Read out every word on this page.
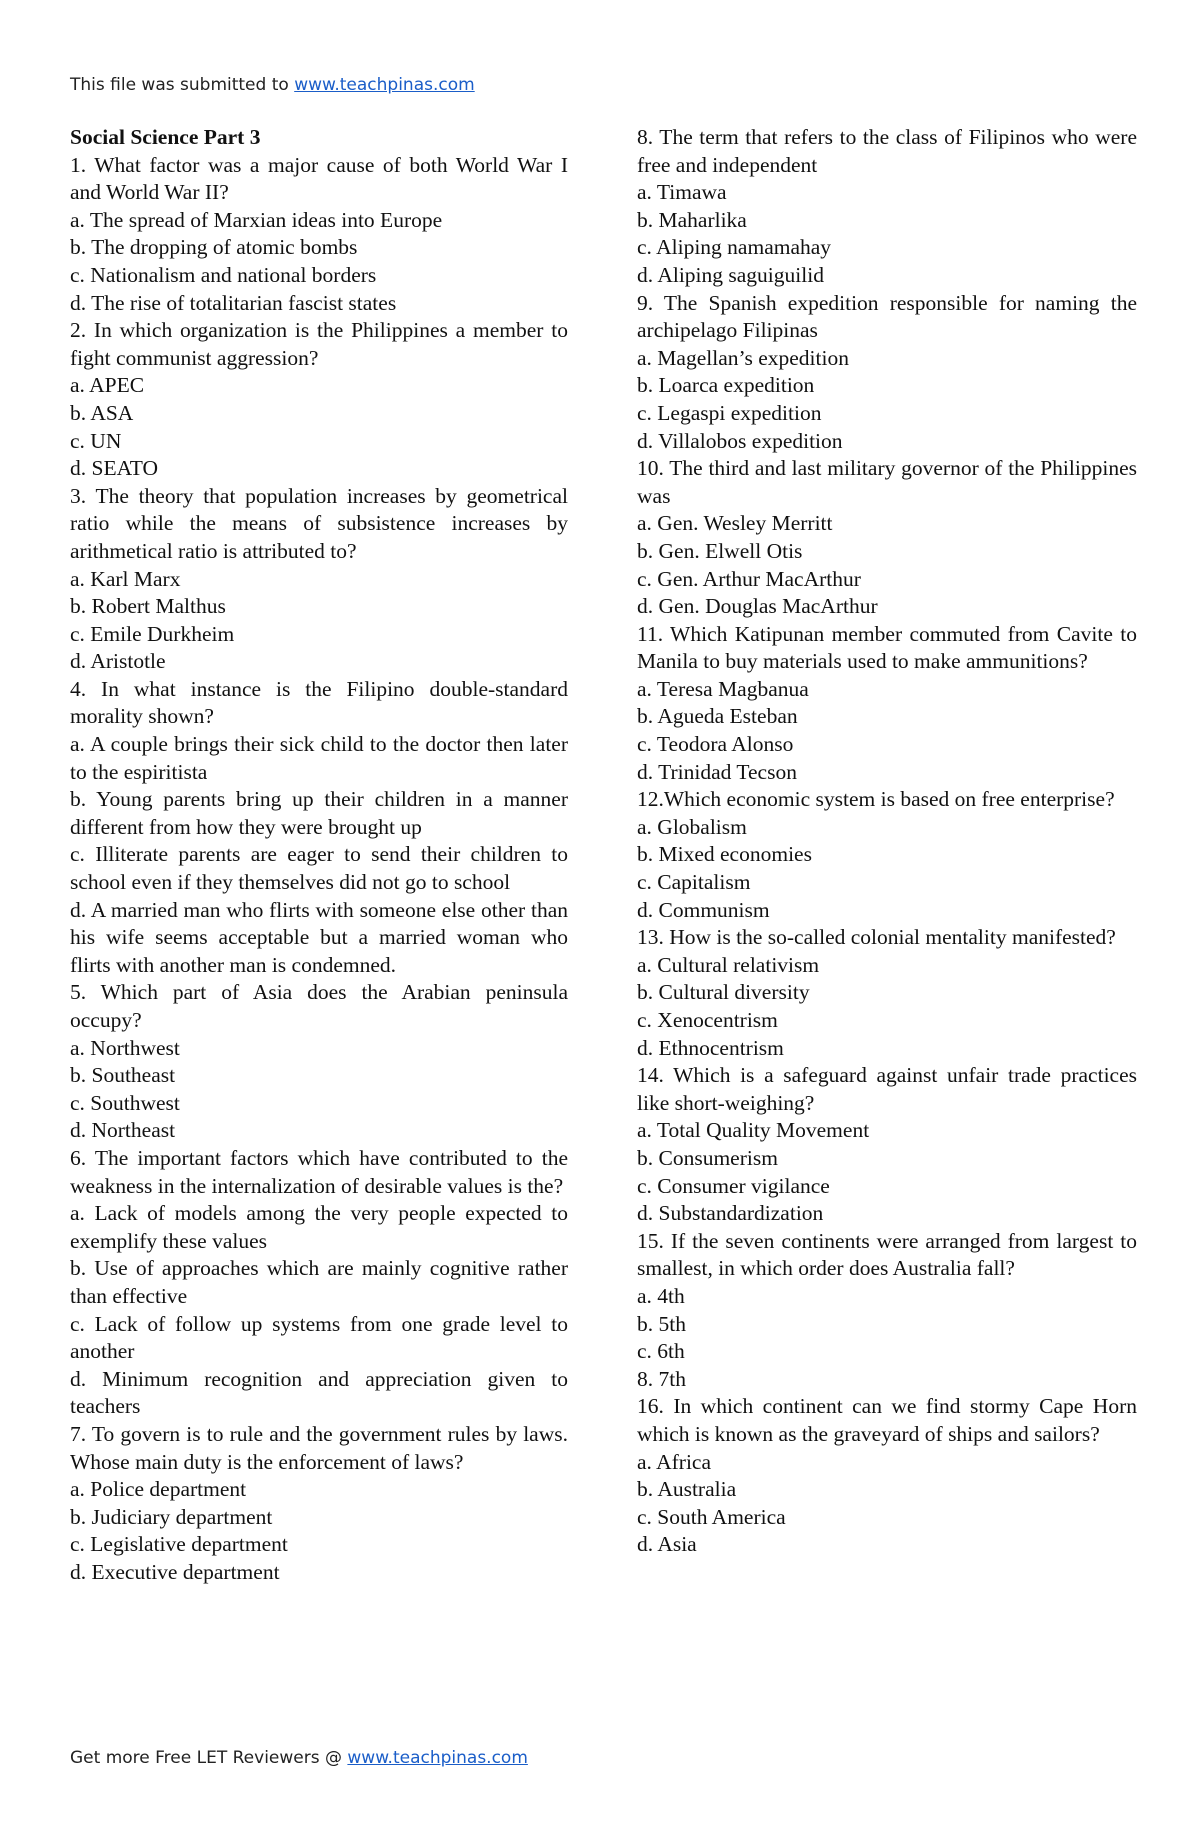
This file was submitted to www.teachpinas.com

Social Science Part 3

1. What factor was a major cause of both World War I and World War II?

a. The spread of Marxian ideas into Europe

b. The dropping of atomic bombs

c. Nationalism and national borders

d. The rise of totalitarian fascist states

2. In which organization is the Philippines a member to fight communist aggression?

a. APEC

b. ASA

c. UN

d. SEATO

3. The theory that population increases by geometrical ratio while the means of subsistence increases by arithmetical ratio is attributed to?

a. Karl Marx

b. Robert Malthus

c. Emile Durkheim

d. Aristotle

4. In what instance is the Filipino double-standard morality shown?

a. A couple brings their sick child to the doctor then later to the espiritista

b. Young parents bring up their children in a manner different from how they were brought up

c. Illiterate parents are eager to send their children to school even if they themselves did not go to school

d. A married man who flirts with someone else other than his wife seems acceptable but a married woman who flirts with another man is condemned.

5. Which part of Asia does the Arabian peninsula occupy?

a. Northwest

b. Southeast

c. Southwest

d. Northeast

6. The important factors which have contributed to the weakness in the internalization of desirable values is the?

a. Lack of models among the very people expected to exemplify these values

b. Use of approaches which are mainly cognitive rather than effective

c. Lack of follow up systems from one grade level to another

d. Minimum recognition and appreciation given to teachers

7. To govern is to rule and the government rules by laws. Whose main duty is the enforcement of laws?

a. Police department

b. Judiciary department

c. Legislative department

d. Executive department

8. The term that refers to the class of Filipinos who were free and independent

a. Timawa

b. Maharlika

c. Aliping namamahay

d. Aliping saguiguilid

9. The Spanish expedition responsible for naming the archipelago Filipinas

a. Magellan’s expedition

b. Loarca expedition

c. Legaspi expedition

d. Villalobos expedition

10. The third and last military governor of the Philippines was

a. Gen. Wesley Merritt

b. Gen. Elwell Otis

c. Gen. Arthur MacArthur

d. Gen. Douglas MacArthur

11. Which Katipunan member commuted from Cavite to Manila to buy materials used to make ammunitions?

a. Teresa Magbanua

b. Agueda Esteban

c. Teodora Alonso

d. Trinidad Tecson

12.Which economic system is based on free enterprise?

a. Globalism

b. Mixed economies

c. Capitalism

d. Communism

13. How is the so-called colonial mentality manifested?

a. Cultural relativism

b. Cultural diversity

c. Xenocentrism

d. Ethnocentrism

14. Which is a safeguard against unfair trade practices like short-weighing?

a. Total Quality Movement

b. Consumerism

c. Consumer vigilance

d. Substandardization

15. If the seven continents were arranged from largest to smallest, in which order does Australia fall?

a. 4th

b. 5th

c. 6th

8. 7th

16. In which continent can we find stormy Cape Horn which is known as the graveyard of ships and sailors?

a. Africa

b. Australia

c. South America

d. Asia

Get more Free LET Reviewers @ www.teachpinas.com
